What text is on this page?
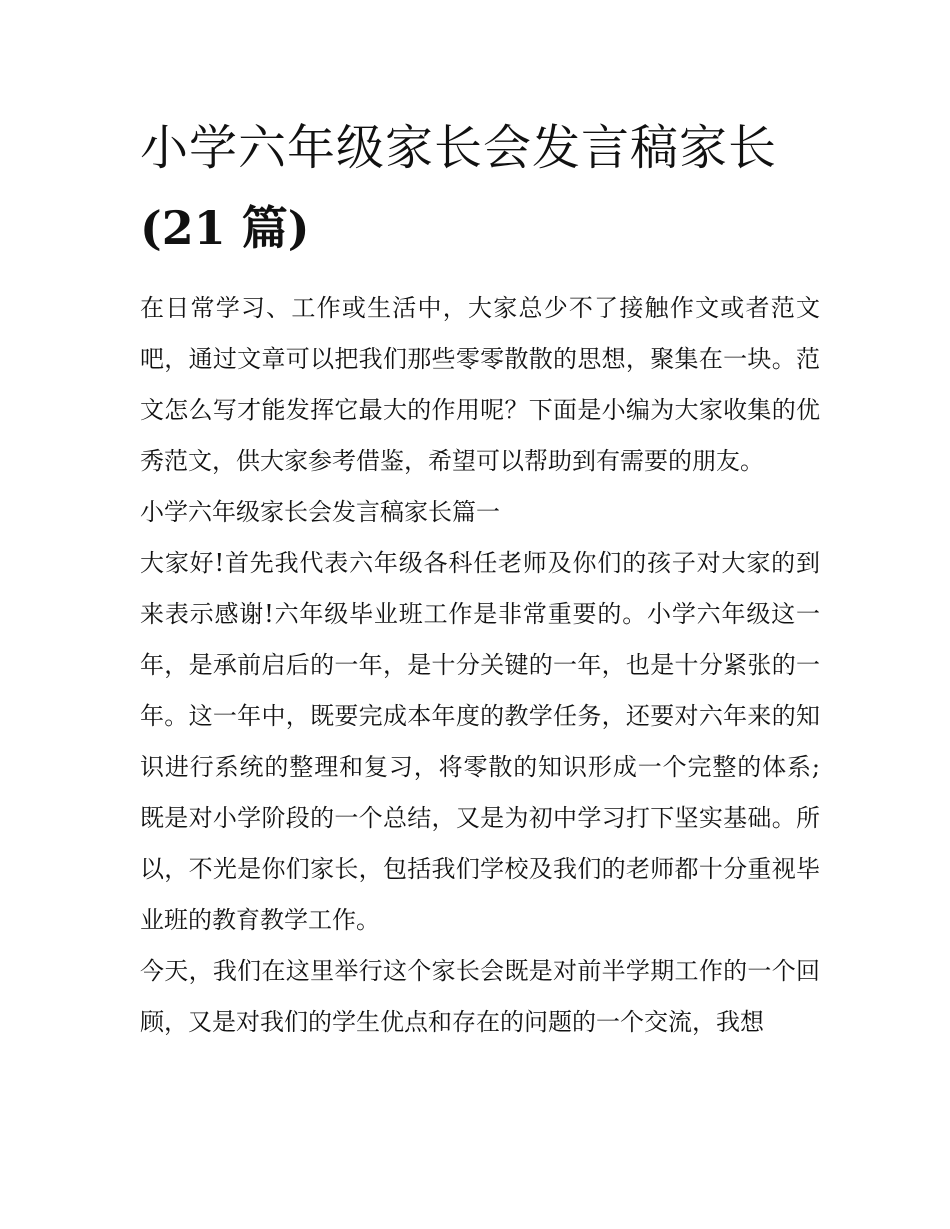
小学六年级家长会发言稿家长
(21 篇)

在日常学习、工作或生活中，大家总少不了接触作文或者范文吧，通过文章可以把我们那些零零散散的思想，聚集在一块。范文怎么写才能发挥它最大的作用呢？下面是小编为大家收集的优秀范文，供大家参考借鉴，希望可以帮助到有需要的朋友。

小学六年级家长会发言稿家长篇一

大家好!首先我代表六年级各科任老师及你们的孩子对大家的到来表示感谢!六年级毕业班工作是非常重要的。小学六年级这一年，是承前启后的一年，是十分关键的一年，也是十分紧张的一年。这一年中，既要完成本年度的教学任务，还要对六年来的知识进行系统的整理和复习，将零散的知识形成一个完整的体系;既是对小学阶段的一个总结，又是为初中学习打下坚实基础。所以，不光是你们家长，包括我们学校及我们的老师都十分重视毕业班的教育教学工作。

今天，我们在这里举行这个家长会既是对前半学期工作的一个回顾，又是对我们的学生优点和存在的问题的一个交流，我想
